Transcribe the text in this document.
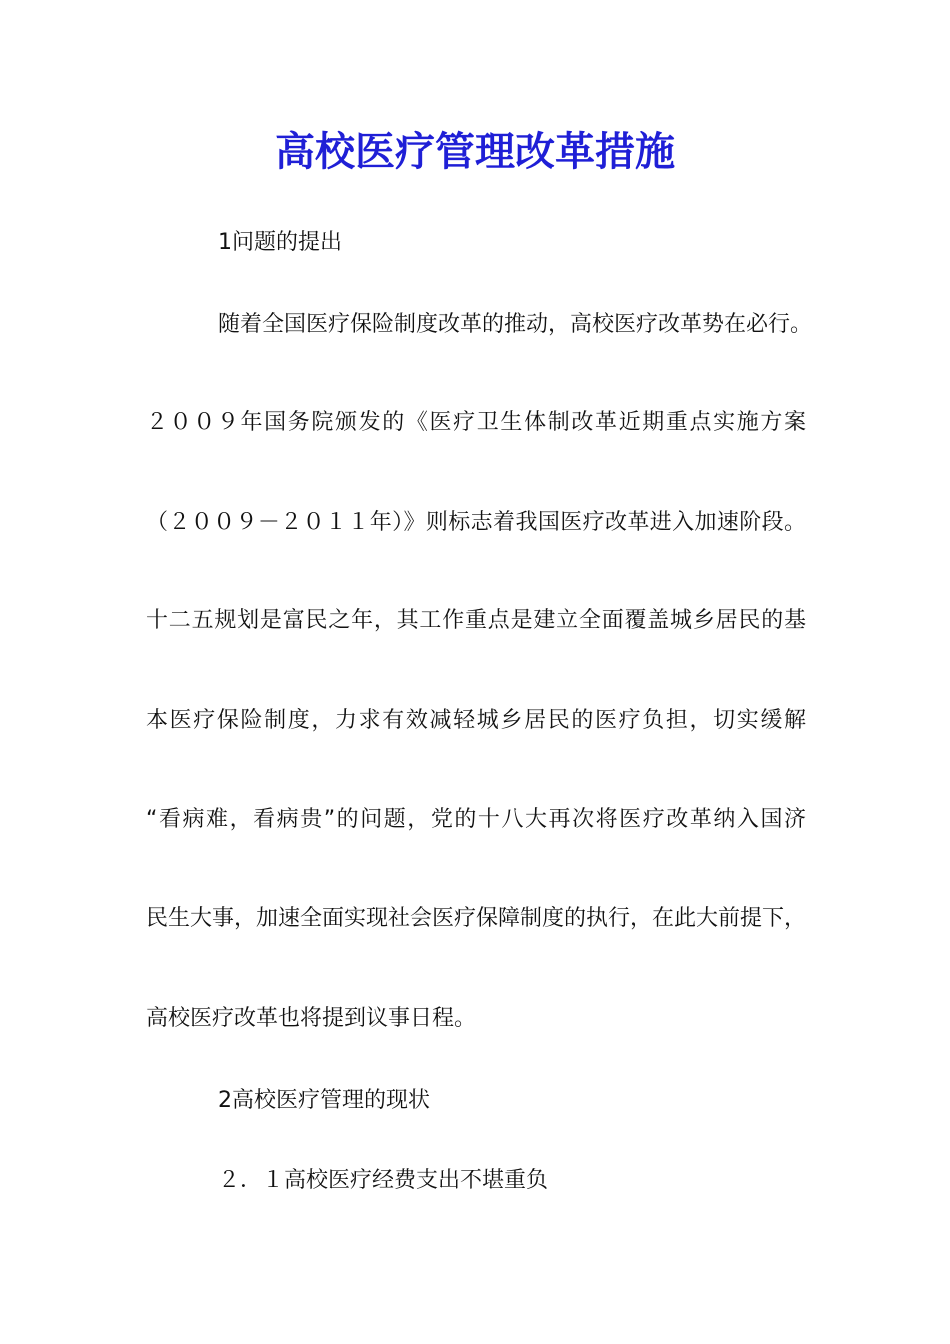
高校医疗管理改革措施

1问题的提出

随着全国医疗保险制度改革的推动，高校医疗改革势在必行。

２００９年国务院颁发的《医疗卫生体制改革近期重点实施方案

（２００９－２０１１年）》则标志着我国医疗改革进入加速阶段。

十二五规划是富民之年，其工作重点是建立全面覆盖城乡居民的基

本医疗保险制度，力求有效减轻城乡居民的医疗负担，切实缓解

“看病难，看病贵”的问题，党的十八大再次将医疗改革纳入国济

民生大事，加速全面实现社会医疗保障制度的执行，在此大前提下，

高校医疗改革也将提到议事日程。

2高校医疗管理的现状

２．１高校医疗经费支出不堪重负
